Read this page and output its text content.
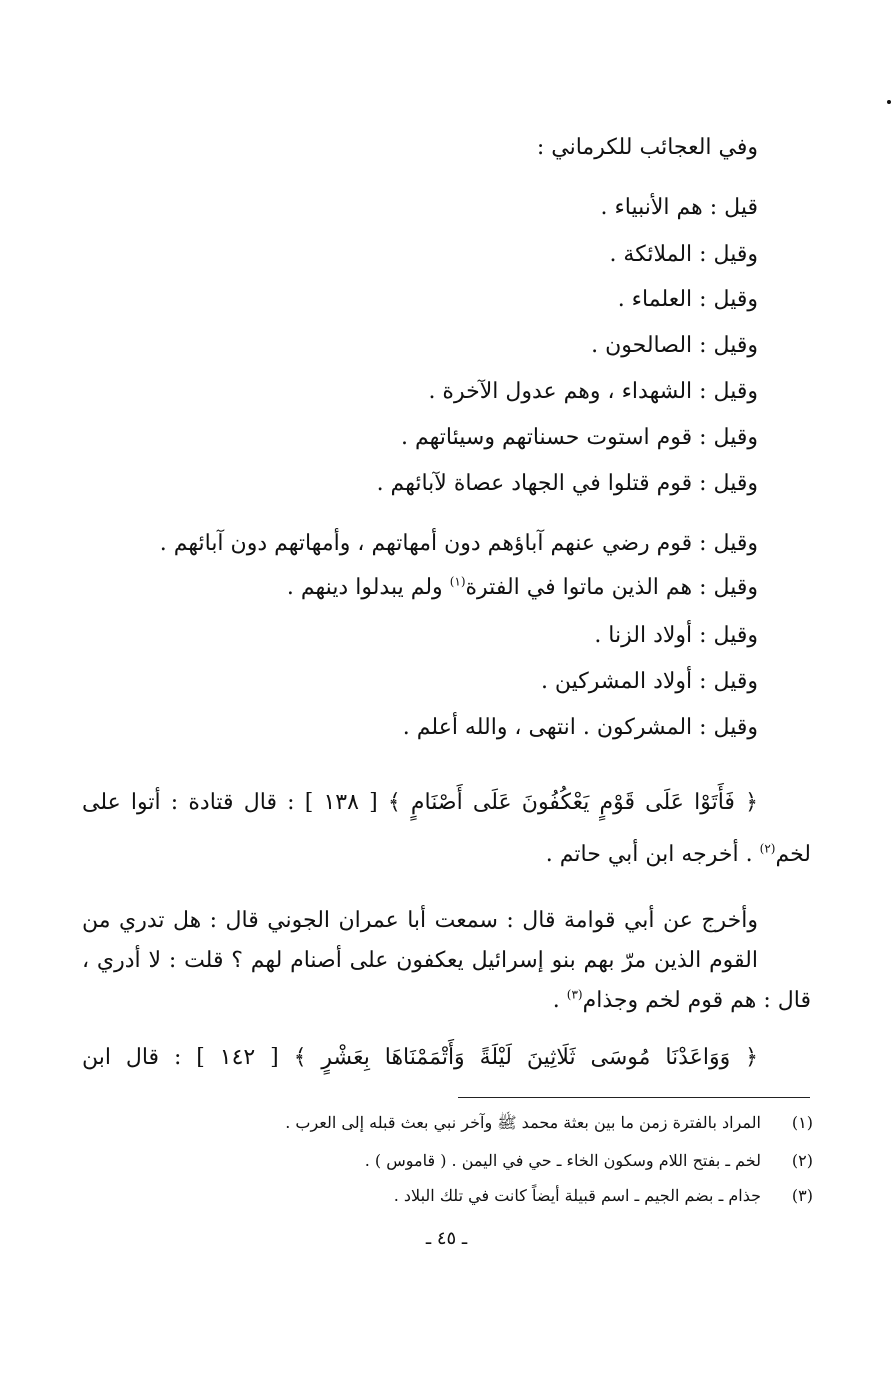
وفي العجائب للكرماني :

قيل : هم الأنبياء .

وقيل : الملائكة .

وقيل : العلماء .

وقيل : الصالحون .

وقيل : الشهداء ، وهم عدول الآخرة .

وقيل : قوم استوت حسناتهم وسيئاتهم .

وقيل : قوم قتلوا في الجهاد عصاة لآبائهم .

وقيل : قوم رضي عنهم آباؤهم دون أمهاتهم ، وأمهاتهم دون آبائهم .

وقيل : هم الذين ماتوا في الفترة$^{(١)}$ ولم يبدلوا دينهم .

وقيل : أولاد الزنا .

وقيل : أولاد المشركين .

وقيل : المشركون . انتهى ، والله أعلم .

﴿ فَأَتَوْا عَلَى قَوْمٍ يَعْكُفُونَ عَلَى أَصْنَامٍ ﴾ [ ١٣٨ ] : قال قتادة : أتوا على

لخم$^{(٢)}$ . أخرجه ابن أبي حاتم .

وأخرج عن أبي قوامة قال : سمعت أبا عمران الجوني قال : هل تدري من

القوم الذين مرّ بهم بنو إسرائيل يعكفون على أصنام لهم ؟ قلت : لا أدري ،

قال : هم قوم لخم وجذام$^{(٣)}$ .

﴿ وَوَاعَدْنَا مُوسَى ثَلَاثِينَ لَيْلَةً وَأَتْمَمْنَاهَا بِعَشْرٍ ﴾ [ ١٤٢ ] : قال ابن

(١)المراد بالفترة زمن ما بين بعثة محمد ﷺ وآخر نبي بعث قبله إلى العرب .
(٢)لخم ـ بفتح اللام وسكون الخاء ـ حي في اليمن . ( قاموس ) .
(٣)جذام ـ بضم الجيم ـ اسم قبيلة أيضاً كانت في تلك البلاد .
ـ ٤٥ ـ
